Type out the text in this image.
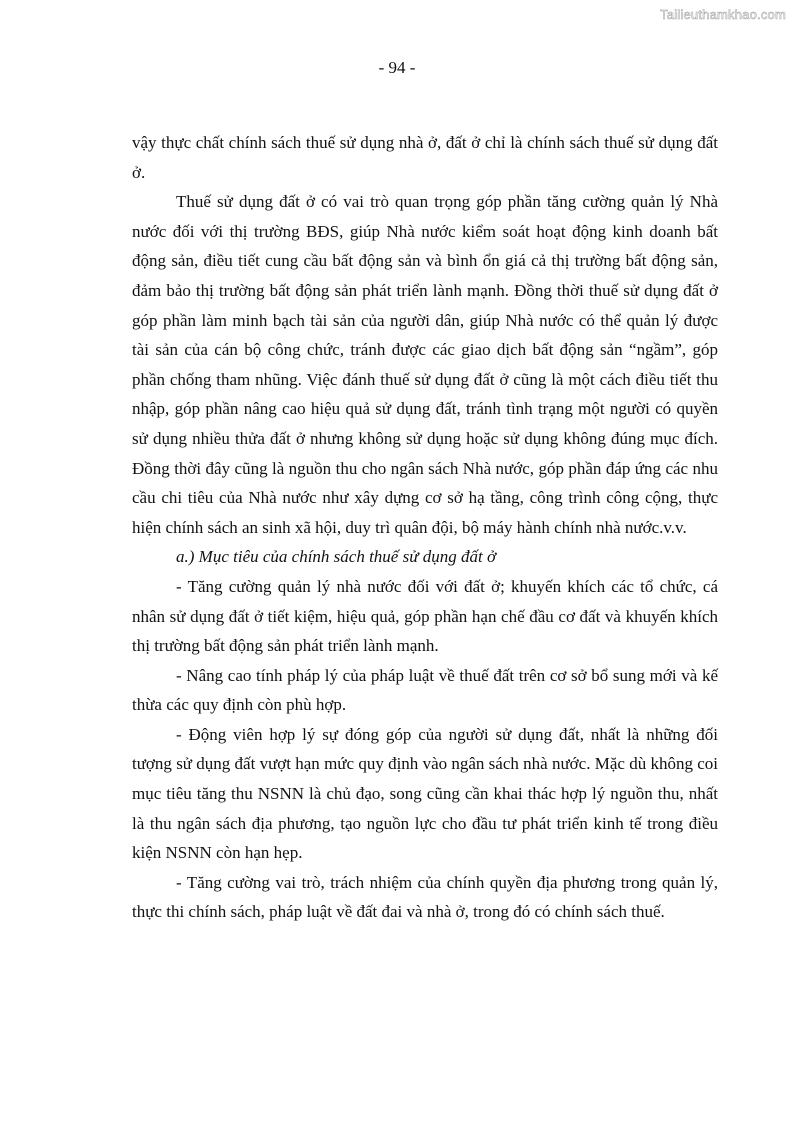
Tailieuthamkhao.com
- 94 -

vậy thực chất chính sách thuế sử dụng nhà ở, đất ở chỉ là chính sách thuế sử dụng đất ở.

Thuế sử dụng đất ở có vai trò quan trọng góp phần tăng cường quản lý Nhà nước đối với thị trường BĐS, giúp Nhà nước kiểm soát hoạt động kinh doanh bất động sản, điều tiết cung cầu bất động sản và bình ổn giá cả thị trường bất động sản, đảm bảo thị trường bất động sản phát triển lành mạnh. Đồng thời thuế sử dụng đất ở góp phần làm minh bạch tài sản của người dân, giúp Nhà nước có thể quản lý được tài sản của cán bộ công chức, tránh được các giao dịch bất động sản “ngầm”, góp phần chống tham nhũng. Việc đánh thuế sử dụng đất ở cũng là một cách điều tiết thu nhập, góp phần nâng cao hiệu quả sử dụng đất, tránh tình trạng một người có quyền sử dụng nhiều thửa đất ở nhưng không sử dụng hoặc sử dụng không đúng mục đích. Đồng thời đây cũng là nguồn thu cho ngân sách Nhà nước, góp phần đáp ứng các nhu cầu chi tiêu của Nhà nước như xây dựng cơ sở hạ tầng, công trình công cộng, thực hiện chính sách an sinh xã hội, duy trì quân đội, bộ máy hành chính nhà nước.v.v.

a.) Mục tiêu của chính sách thuế sử dụng đất ở

- Tăng cường quản lý nhà nước đối với đất ở; khuyến khích các tổ chức, cá nhân sử dụng đất ở tiết kiệm, hiệu quả, góp phần hạn chế đầu cơ đất và khuyến khích thị trường bất động sản phát triển lành mạnh.

- Nâng cao tính pháp lý của pháp luật về thuế đất trên cơ sở bổ sung mới và kế thừa các quy định còn phù hợp.

- Động viên hợp lý sự đóng góp của người sử dụng đất, nhất là những đối tượng sử dụng đất vượt hạn mức quy định vào ngân sách nhà nước. Mặc dù không coi mục tiêu tăng thu NSNN là chủ đạo, song cũng cần khai thác hợp lý nguồn thu, nhất là thu ngân sách địa phương, tạo nguồn lực cho đầu tư phát triển kinh tế trong điều kiện NSNN còn hạn hẹp.

- Tăng cường vai trò, trách nhiệm của chính quyền địa phương trong quản lý, thực thi chính sách, pháp luật về đất đai và nhà ở, trong đó có chính sách thuế.
